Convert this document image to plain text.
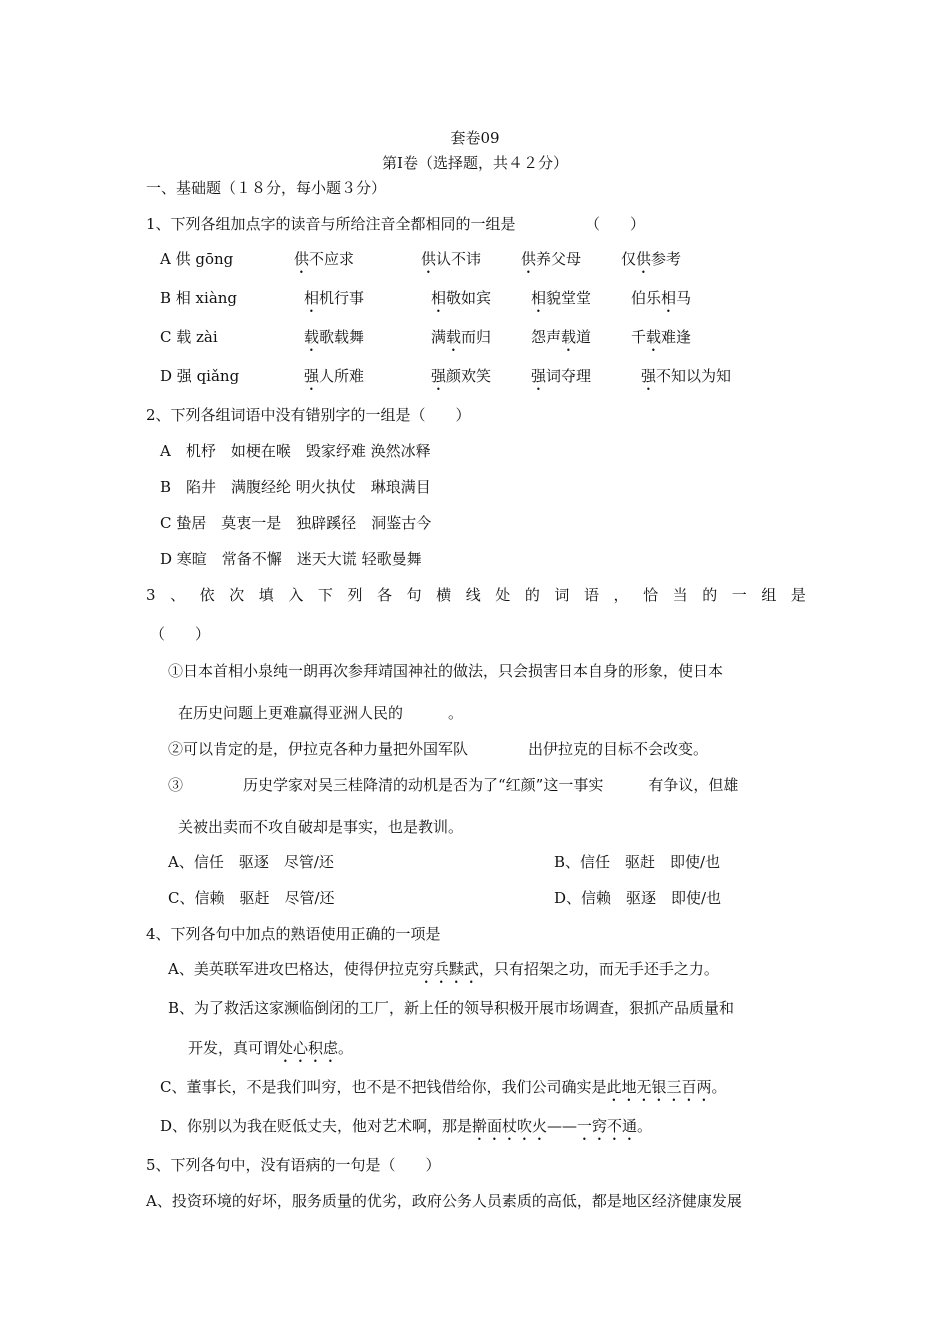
套卷09
第Ⅰ卷（选择题，共４２分）
一、基础题（１８分，每小题３分）
1、下列各组加点字的读音与所给注音全都相同的一组是	（　　）
A 供 gōng	供不应求	供认不讳	供养父母	仅供参考
B 相 xiàng	相机行事	相敬如宾	相貌堂堂	伯乐相马
C 载 zài	载歌载舞	满载而归	怨声载道	千载难逢
D 强 qiǎng	强人所难	强颜欢笑	强词夺理	强不知以为知
2、下列各组词语中没有错别字的一组是（　　）
A　机杼　如梗在喉　毁家纾难 涣然冰释
B　陷井　满腹经纶 明火执仗　琳琅满目
C 蛰居　莫衷一是　独辟蹊径　洞鉴古今
D 寒暄　常备不懈　迷天大谎 轻歌曼舞
3 、 依 次 填 入 下 列 各 句 横 线 处 的 词 语 ， 恰 当 的 一 组 是
（　　）
①日本首相小泉纯一朗再次参拜靖国神社的做法，只会损害日本自身的形象，使日本
在历史问题上更难赢得亚洲人民的　　　。
②可以肯定的是，伊拉克各种力量把外国军队　　　　出伊拉克的目标不会改变。
③　　　　历史学家对吴三桂降清的动机是否为了“红颜”这一事实　　　有争议，但雄
关被出卖而不攻自破却是事实，也是教训。
A、信任　驱逐　尽管/还	B、信任　驱赶　即使/也
C、信赖　驱赶　尽管/还	D、信赖　驱逐　即使/也
4、下列各句中加点的熟语使用正确的一项是
A、美英联军进攻巴格达，使得伊拉克穷兵黩武，只有招架之功，而无手还手之力。
B、为了救活这家濒临倒闭的工厂，新上任的领导积极开展市场调查，狠抓产品质量和
开发，真可谓处心积虑。
C、董事长，不是我们叫穷，也不是不把钱借给你，我们公司确实是此地无银三百两。
D、你别以为我在贬低丈夫，他对艺术啊，那是擀面杖吹火——一窍不通。
5、下列各句中，没有语病的一句是（　　）
A、投资环境的好坏，服务质量的优劣，政府公务人员素质的高低，都是地区经济健康发展
